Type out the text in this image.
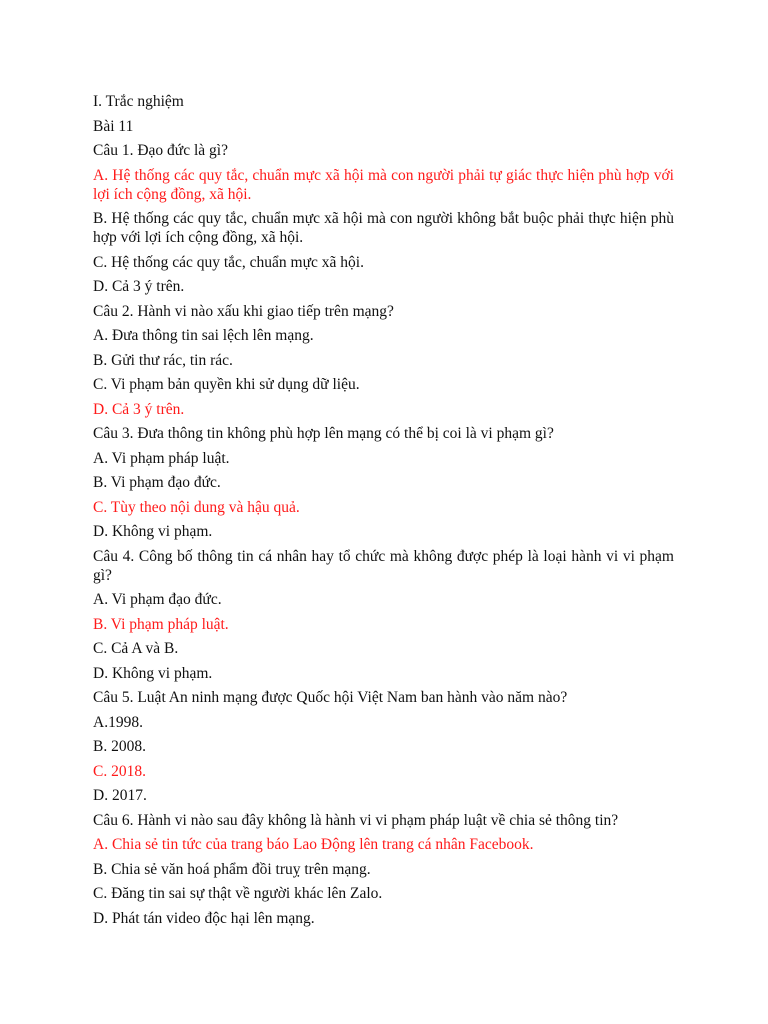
I. Trắc nghiệm
Bài 11
Câu 1. Đạo đức là gì?
A. Hệ thống các quy tắc, chuẩn mực xã hội mà con người phải tự giác thực hiện phù hợp với lợi ích cộng đồng, xã hội.
B. Hệ thống các quy tắc, chuẩn mực xã hội mà con người không bắt buộc phải thực hiện phù hợp với lợi ích cộng đồng, xã hội.
C. Hệ thống các quy tắc, chuẩn mực xã hội.
D. Cả 3 ý trên.
Câu 2. Hành vi nào xấu khi giao tiếp trên mạng?
A. Đưa thông tin sai lệch lên mạng.
B. Gửi thư rác, tin rác.
C. Vi phạm bản quyền khi sử dụng dữ liệu.
D. Cả 3 ý trên.
Câu 3. Đưa thông tin không phù hợp lên mạng có thể bị coi là vi phạm gì?
A. Vi phạm pháp luật.
B. Vi phạm đạo đức.
C. Tùy theo nội dung và hậu quả.
D. Không vi phạm.
Câu 4. Công bố thông tin cá nhân hay tổ chức mà không được phép là loại hành vi vi phạm gì?
A. Vi phạm đạo đức.
B. Vi phạm pháp luật.
C. Cả A và B.
D. Không vi phạm.
Câu 5. Luật An ninh mạng được Quốc hội Việt Nam ban hành vào năm nào?
A.1998.
B. 2008.
C. 2018.
D. 2017.
Câu 6. Hành vi nào sau đây không là hành vi vi phạm pháp luật về chia sẻ thông tin?
A. Chia sẻ tin tức của trang báo Lao Động lên trang cá nhân Facebook.
B. Chia sẻ văn hoá phẩm đồi truỵ trên mạng.
C. Đăng tin sai sự thật về người khác lên Zalo.
D. Phát tán video độc hại lên mạng.
